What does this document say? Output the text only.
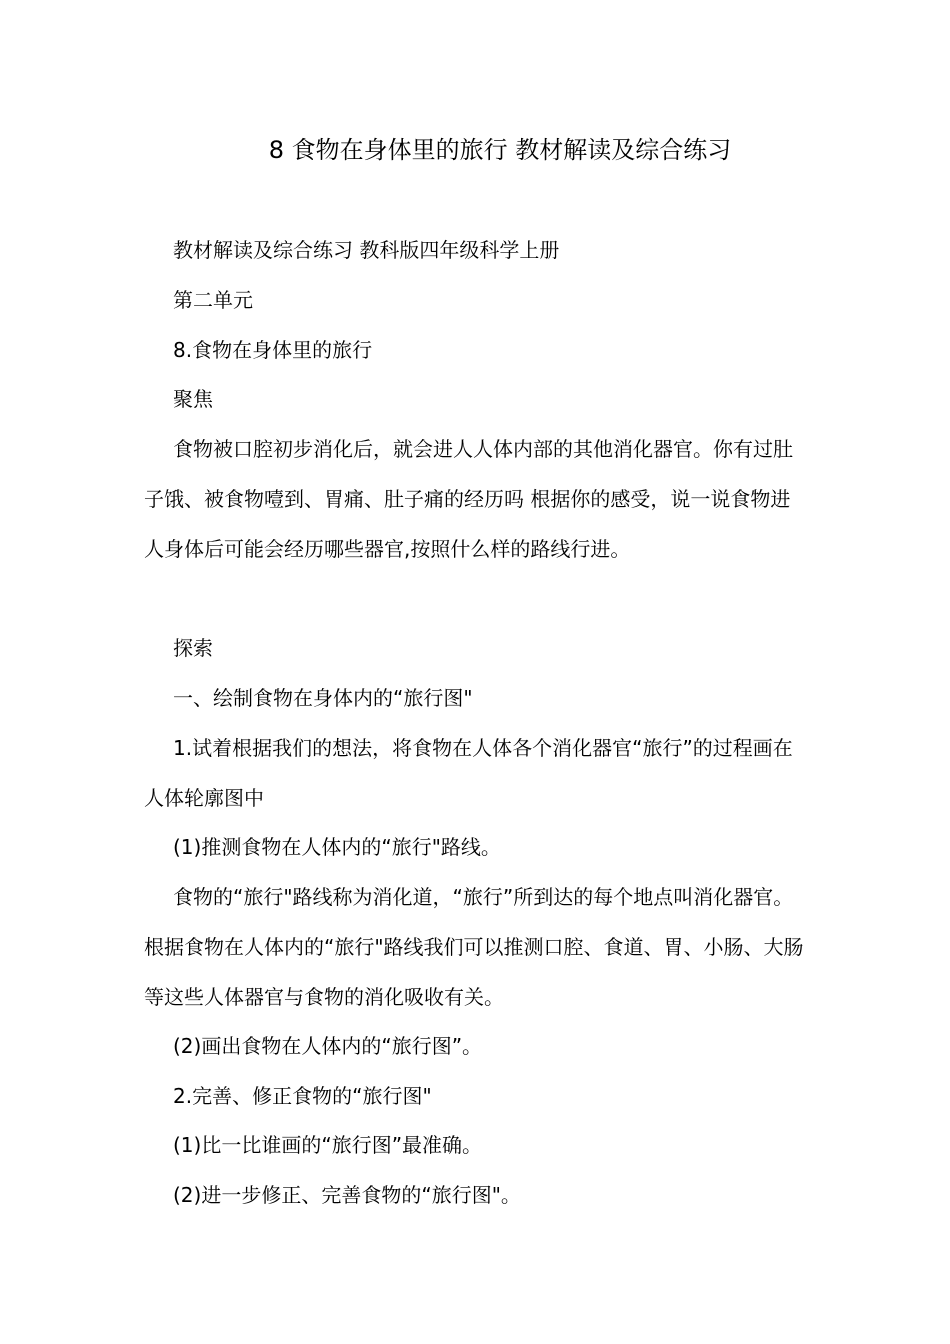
8 食物在身体里的旅行 教材解读及综合练习

教材解读及综合练习 教科版四年级科学上册

第二单元

8.食物在身体里的旅行

聚焦

食物被口腔初步消化后，就会进人人体内部的其他消化器官。你有过肚子饿、被食物噎到、胃痛、肚子痛的经历吗 根据你的感受，说一说食物进人身体后可能会经历哪些器官,按照什么样的路线行进。

探索

一、绘制食物在身体内的“旅行图"

1.试着根据我们的想法，将食物在人体各个消化器官“旅行”的过程画在人体轮廓图中

(1)推测食物在人体内的“旅行"路线。

食物的“旅行"路线称为消化道，“旅行”所到达的每个地点叫消化器官。根据食物在人体内的“旅行"路线我们可以推测口腔、食道、胃、小肠、大肠等这些人体器官与食物的消化吸收有关。

(2)画出食物在人体内的“旅行图”。

2.完善、修正食物的“旅行图"

(1)比一比谁画的“旅行图”最准确。

(2)进一步修正、完善食物的“旅行图"。
